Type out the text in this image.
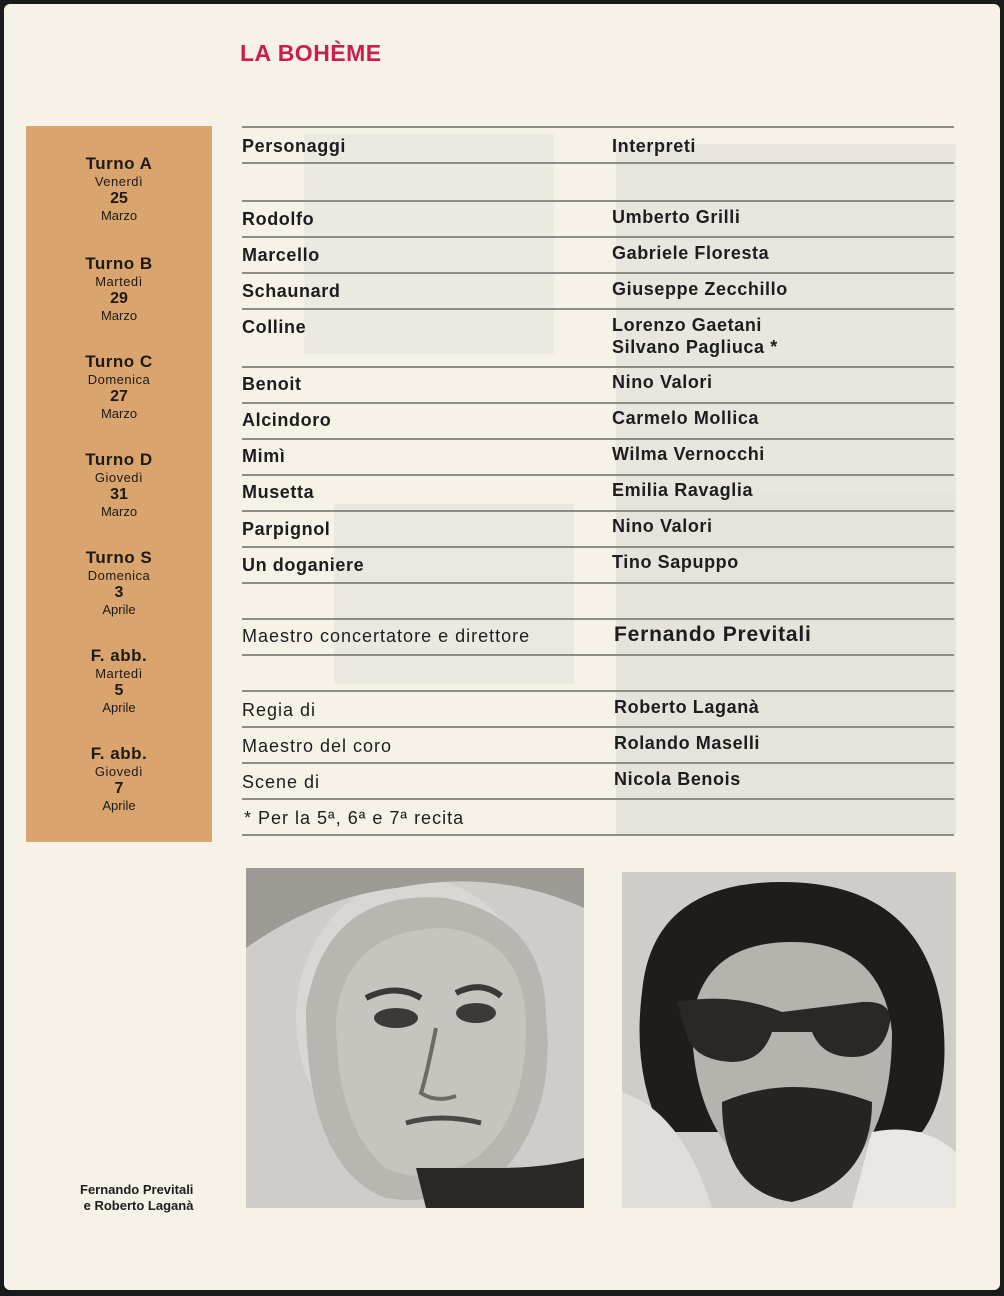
LA BOHÈME
Turno A
Venerdì
25
Marzo
Turno B
Martedì
29
Marzo
Turno C
Domenica
27
Marzo
Turno D
Giovedì
31
Marzo
Turno S
Domenica
3
Aprile
F. abb.
Martedì
5
Aprile
F. abb.
Giovedì
7
Aprile
Personaggi	Interpreti
Rodolfo	Umberto Grilli
Marcello	Gabriele Floresta
Schaunard	Giuseppe Zecchillo
Colline	Lorenzo Gaetani
Silvano Pagliuca *
Benoit	Nino Valori
Alcindoro	Carmelo Mollica
Mimì	Wilma Vernocchi
Musetta	Emilia Ravaglia
Parpignol	Nino Valori
Un doganiere	Tino Sapuppo
Maestro concertatore e direttore	Fernando Previtali
Regia di	Roberto Laganà
Maestro del coro	Rolando Maselli
Scene di	Nicola Benois
* Per la 5ª, 6ª e 7ª recita
Fernando Previtali
e Roberto Laganà
